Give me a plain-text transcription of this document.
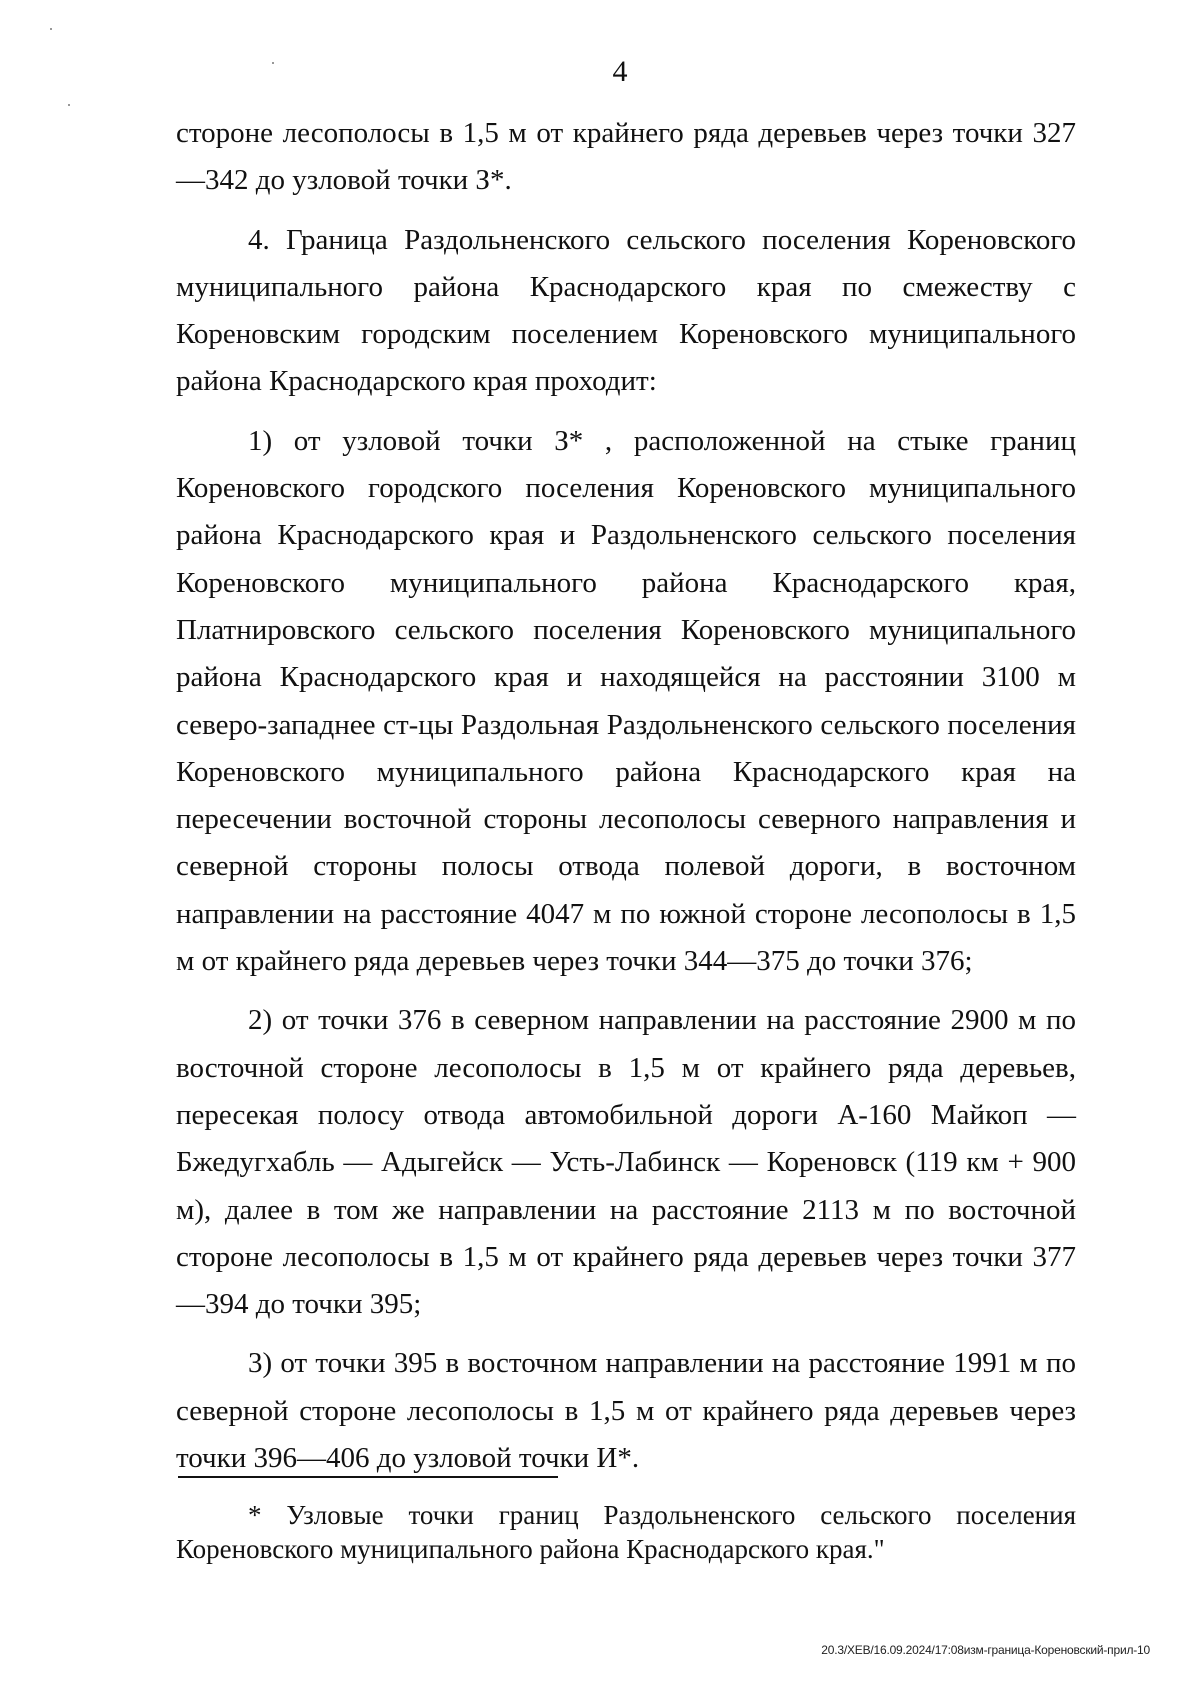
4

стороне лесополосы в 1,5 м от крайнего ряда деревьев через точки 327—342 до узловой точки З*.

4. Граница Раздольненского сельского поселения Кореновского муниципального района Краснодарского края по смежеству с Кореновским городским поселением Кореновского муниципального района Краснодарского края проходит:

1) от узловой точки З* , расположенной на стыке границ Кореновского городского поселения Кореновского муниципального района Краснодарского края и Раздольненского сельского поселения Кореновского муниципального района Краснодарского края, Платнировского сельского поселения Кореновского муниципального района Краснодарского края и находящейся на расстоянии 3100 м северо-западнее ст-цы Раздольная Раздольненского сельского поселения Кореновского муниципального района Краснодарского края на пересечении восточной стороны лесополосы северного направления и северной стороны полосы отвода полевой дороги, в восточном направлении на расстояние 4047 м по южной стороне лесополосы в 1,5 м от крайнего ряда деревьев через точки 344—375 до точки 376;

2) от точки 376 в северном направлении на расстояние 2900 м по восточной стороне лесополосы в 1,5 м от крайнего ряда деревьев, пересекая полосу отвода автомобильной дороги А-160 Майкоп — Бжедугхабль — Адыгейск — Усть-Лабинск — Кореновск (119 км + 900 м), далее в том же направлении на расстояние 2113 м по восточной стороне лесополосы в 1,5 м от крайнего ряда деревьев через точки 377—394 до точки 395;

3) от точки 395 в восточном направлении на расстояние 1991 м по северной стороне лесополосы в 1,5 м от крайнего ряда деревьев через точки 396—406 до узловой точки И*.

* Узловые точки границ Раздольненского сельского поселения Кореновского муниципального района Краснодарского края."

20.3/ХЕВ/16.09.2024/17:08изм-граница-Кореновский-прил-10
